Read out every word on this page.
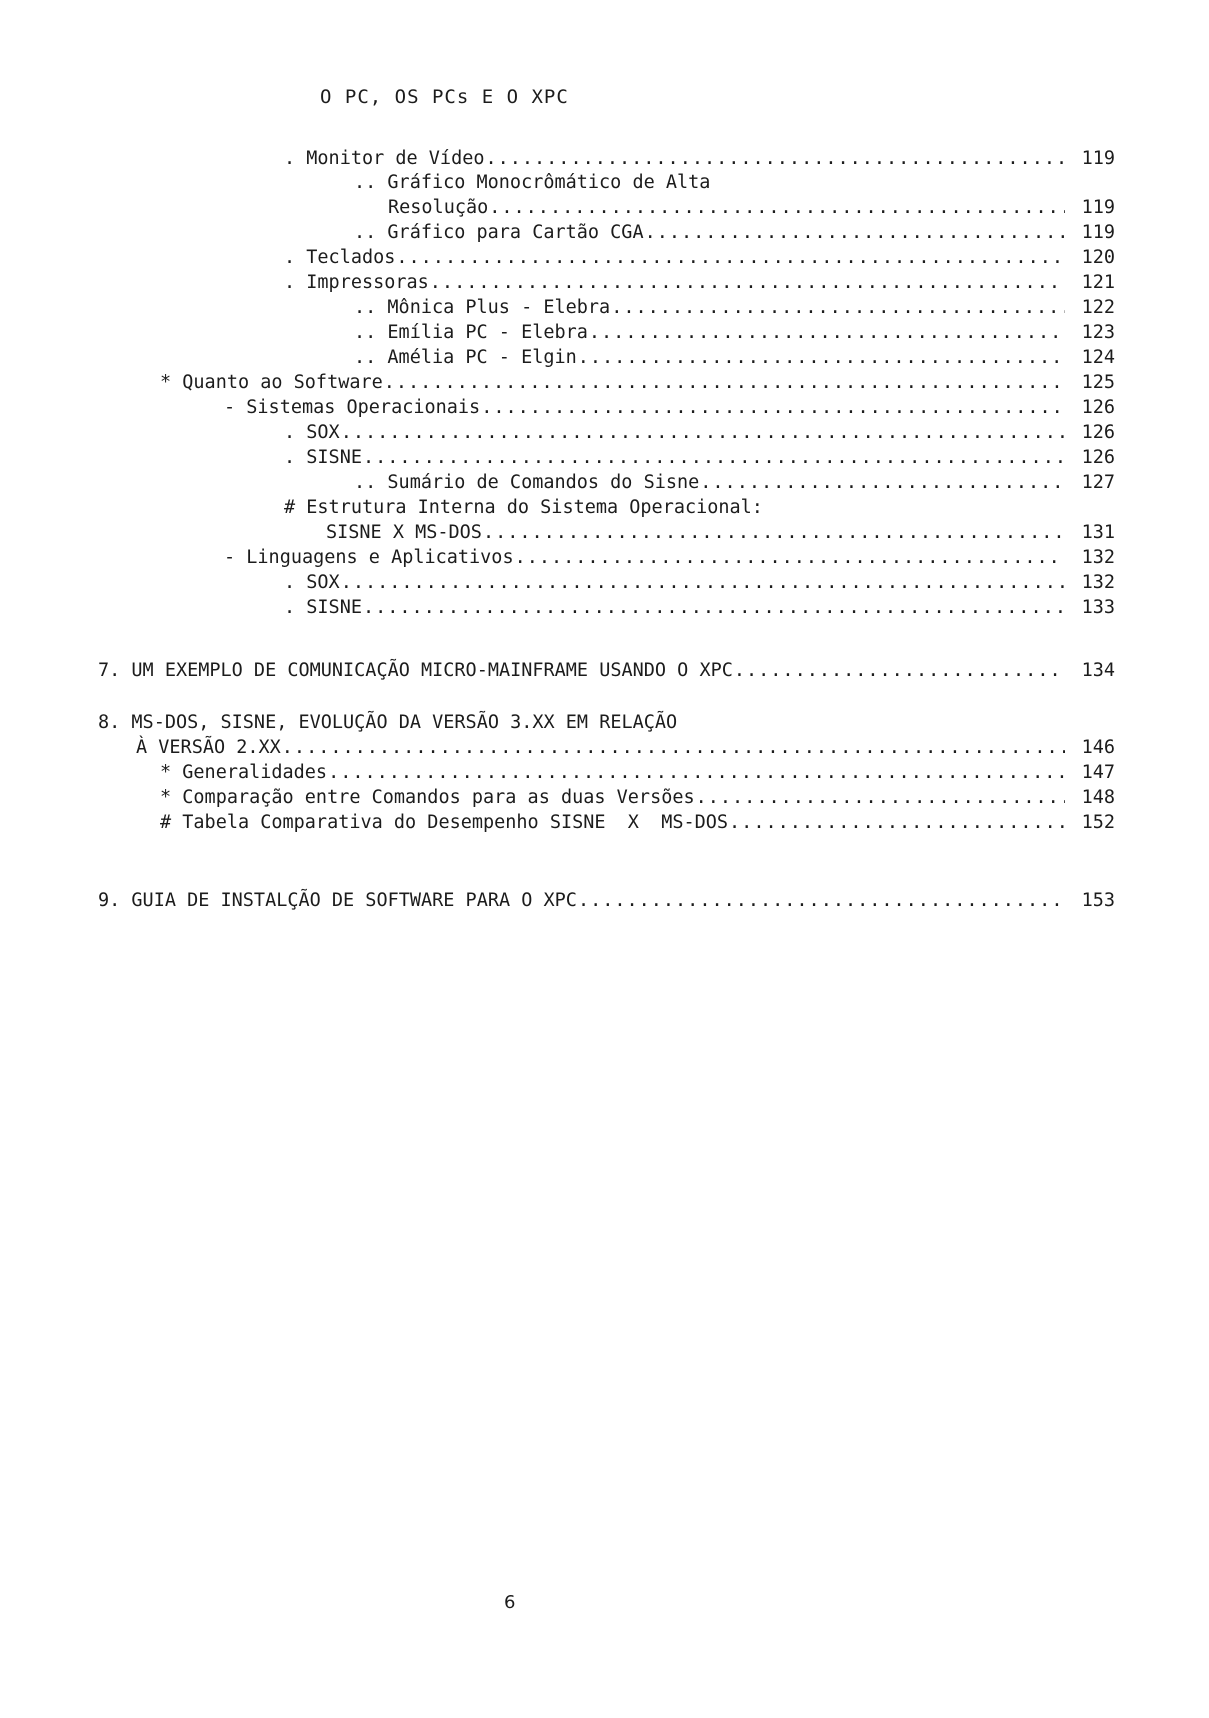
O PC, OS PCs E O XPC
. Monitor de Vídeo .....	119
.. Gráfico Monocrômático de Alta
Resolução .....	119
.. Gráfico para Cartão CGA .....	119
. Teclados .....	120
. Impressoras .....	121
.. Mônica Plus - Elebra .....	122
.. Emília PC - Elebra .....	123
.. Amélia PC - Elgin .....	124
* Quanto ao Software .....	125
- Sistemas Operacionais .....	126
. SOX .....	126
. SISNE .....	126
.. Sumário de Comandos do Sisne .....	127
# Estrutura Interna do Sistema Operacional:
SISNE X MS-DOS .....	131
- Linguagens e Aplicativos .....	132
. SOX .....	132
. SISNE .....	133
7. UM EXEMPLO DE COMUNICAÇÃO MICRO-MAINFRAME USANDO O XPC .....	134
8. MS-DOS, SISNE, EVOLUÇÃO DA VERSÃO 3.XX EM RELAÇÃO
À VERSÃO 2.XX .....	146
* Generalidades .....	147
* Comparação entre Comandos para as duas Versões .....	148
# Tabela Comparativa do Desempenho SISNE  X  MS-DOS .....	152
9. GUIA DE INSTALÇÃO DE SOFTWARE PARA O XPC .....	153
6
